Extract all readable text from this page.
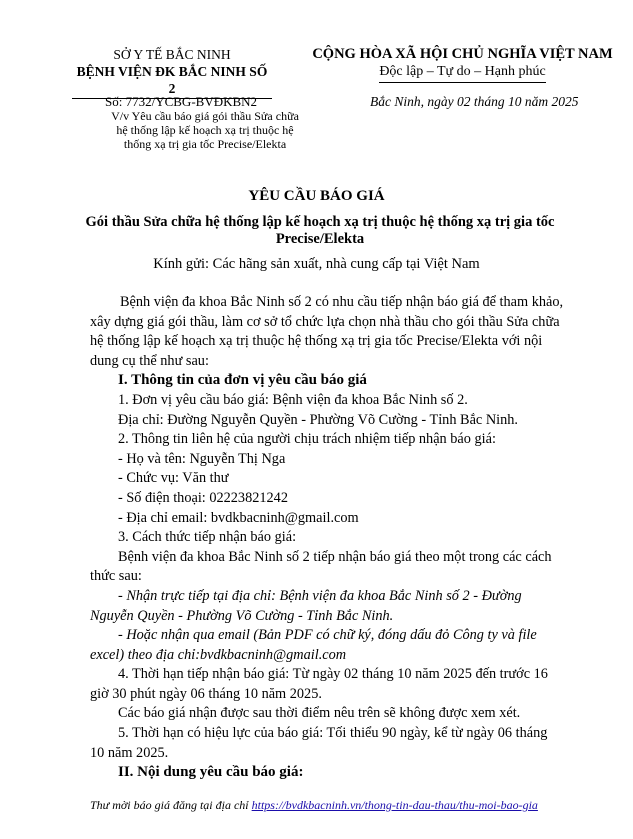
SỞ Y TẾ BẮC NINH
BỆNH VIỆN ĐK BẮC NINH SỐ 2
CỘNG HÒA XÃ HỘI CHỦ NGHĨA VIỆT NAM
Độc lập – Tự do – Hạnh phúc
Số: 7732/YCBG-BVĐKBN2
V/v Yêu cầu báo giá gói thầu Sửa chữa
hệ thống lập kế hoạch xạ trị thuộc hệ
thống xạ trị gia tốc Precise/Elekta
Bắc Ninh, ngày 02 tháng 10 năm 2025
YÊU CẦU BÁO GIÁ
Gói thầu Sửa chữa hệ thống lập kế hoạch xạ trị thuộc hệ thống xạ trị gia tốc
Precise/Elekta
Kính gửi: Các hãng sản xuất, nhà cung cấp tại Việt Nam

Bệnh viện đa khoa Bắc Ninh số 2 có nhu cầu tiếp nhận báo giá để tham khảo,

xây dựng giá gói thầu, làm cơ sở tổ chức lựa chọn nhà thầu cho gói thầu Sửa chữa

hệ thống lập kế hoạch xạ trị thuộc hệ thống xạ trị gia tốc Precise/Elekta với nội

dung cụ thể như sau:

I. Thông tin của đơn vị yêu cầu báo giá

1. Đơn vị yêu cầu báo giá: Bệnh viện đa khoa Bắc Ninh số 2.

Địa chỉ: Đường Nguyễn Quyền - Phường Võ Cường - Tỉnh Bắc Ninh.

2. Thông tin liên hệ của người chịu trách nhiệm tiếp nhận báo giá:

- Họ và tên: Nguyễn Thị Nga

- Chức vụ: Văn thư

- Số điện thoại: 02223821242

- Địa chỉ email: bvdkbacninh@gmail.com

3. Cách thức tiếp nhận báo giá:

Bệnh viện đa khoa Bắc Ninh số 2 tiếp nhận báo giá theo một trong các cách

thức sau:

- Nhận trực tiếp tại địa chỉ: Bệnh viện đa khoa Bắc Ninh số 2 - Đường

Nguyễn Quyền - Phường Võ Cường - Tỉnh Bắc Ninh.

- Hoặc nhận qua email (Bản PDF có chữ ký, đóng dấu đỏ Công ty và file

excel) theo địa chỉ:bvdkbacninh@gmail.com

4. Thời hạn tiếp nhận báo giá: Từ ngày 02 tháng 10 năm 2025 đến trước 16

giờ 30 phút ngày 06 tháng 10 năm 2025.

Các báo giá nhận được sau thời điểm nêu trên sẽ không được xem xét.

5. Thời hạn có hiệu lực của báo giá: Tối thiểu 90 ngày, kể từ ngày 06 tháng

10 năm 2025.

II. Nội dung yêu cầu báo giá:

Thư mời báo giá đăng tại địa chỉ https://bvdkbacninh.vn/thong-tin-dau-thau/thu-moi-bao-gia
